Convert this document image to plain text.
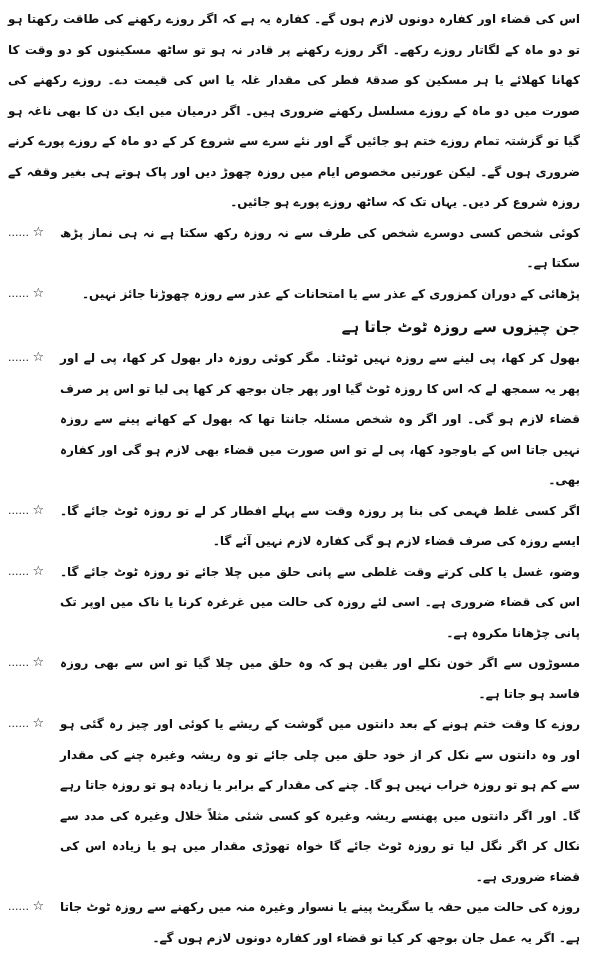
اس کی قضاء اور کفارہ دونوں لازم ہوں گے۔ کفارہ یہ ہے کہ اگر روزے رکھنے کی طاقت رکھتا ہو تو دو ماہ کے لگاتار روزے رکھے۔ اگر روزے رکھنے پر قادر نہ ہو تو ساٹھ مسکینوں کو دو وقت کا کھانا کھلائے یا ہر مسکین کو صدقۂ فطر کی مقدار غلہ یا اس کی قیمت دے۔ روزے رکھنے کی صورت میں دو ماہ کے روزے مسلسل رکھنے ضروری ہیں۔ اگر درمیان میں ایک دن کا بھی ناغہ ہو گیا تو گزشتہ تمام روزے ختم ہو جائیں گے اور نئے سرے سے شروع کر کے دو ماہ کے روزے پورے کرنے ضروری ہوں گے۔ لیکن عورتیں مخصوص ایام میں روزہ چھوڑ دیں اور پاک ہوتے ہی بغیر وقفہ کے روزہ شروع کر دیں۔ یہاں تک کہ ساٹھ روزے پورے ہو جائیں۔

...... ☆ کوئی شخص کسی دوسرے شخص کی طرف سے نہ روزہ رکھ سکتا ہے نہ ہی نماز پڑھ سکتا ہے۔
...... ☆	پڑھائی کے دوران کمزوری کے عذر سے یا امتحانات کے عذر سے روزہ چھوڑنا جائز نہیں۔
جن چیزوں سے روزہ ٹوٹ جاتا ہے
...... ☆ بھول کر کھا، پی لینے سے روزہ نہیں ٹوٹتا۔ مگر کوئی روزہ دار بھول کر کھا، پی لے اور پھر یہ سمجھ لے کہ اس کا روزہ ٹوٹ گیا اور پھر جان بوجھ کر کھا پی لیا تو اس پر صرف قضاء لازم ہو گی۔ اور اگر وہ شخص مسئلہ جانتا تھا کہ بھول کے کھانے پینے سے روزہ نہیں جاتا اس کے باوجود کھا، پی لے تو اس صورت میں قضاء بھی لازم ہو گی اور کفارہ بھی۔
...... ☆ اگر کسی غلط فہمی کی بنا پر روزہ وقت سے پہلے افطار کر لے تو روزہ ٹوٹ جائے گا۔ ایسے روزہ کی صرف قضاء لازم ہو گی کفارہ لازم نہیں آئے گا۔
...... ☆ وضو، غسل یا کلی کرتے وقت غلطی سے پانی حلق میں چلا جائے تو روزہ ٹوٹ جائے گا۔ اس کی قضاء ضروری ہے۔ اسی لئے روزہ کی حالت میں غرغرہ کرنا یا ناک میں اوپر تک پانی چڑھانا مکروہ ہے۔
...... ☆ مسوڑوں سے اگر خون نکلے اور یقین ہو کہ وہ حلق میں چلا گیا تو اس سے بھی روزہ فاسد ہو جاتا ہے۔
...... ☆ روزے کا وقت ختم ہونے کے بعد دانتوں میں گوشت کے ریشے یا کوئی اور چیز رہ گئی ہو اور وہ دانتوں سے نکل کر از خود حلق میں چلی جائے تو وہ ریشہ وغیرہ چنے کی مقدار سے کم ہو تو روزہ خراب نہیں ہو گا۔ چنے کی مقدار کے برابر یا زیادہ ہو تو روزہ جاتا رہے گا۔ اور اگر دانتوں میں پھنسے ریشہ وغیرہ کو کسی شئی مثلاً خلال وغیرہ کی مدد سے نکال کر اگر نگل لیا تو روزہ ٹوٹ جائے گا خواہ تھوڑی مقدار میں ہو یا زیادہ اس کی قضاء ضروری ہے۔
...... ☆ روزہ کی حالت میں حقہ یا سگریٹ پینے یا نسوار وغیرہ منہ میں رکھنے سے روزہ ٹوٹ جاتا ہے۔ اگر یہ عمل جان بوجھ کر کیا تو قضاء اور کفارہ دونوں لازم ہوں گے۔
